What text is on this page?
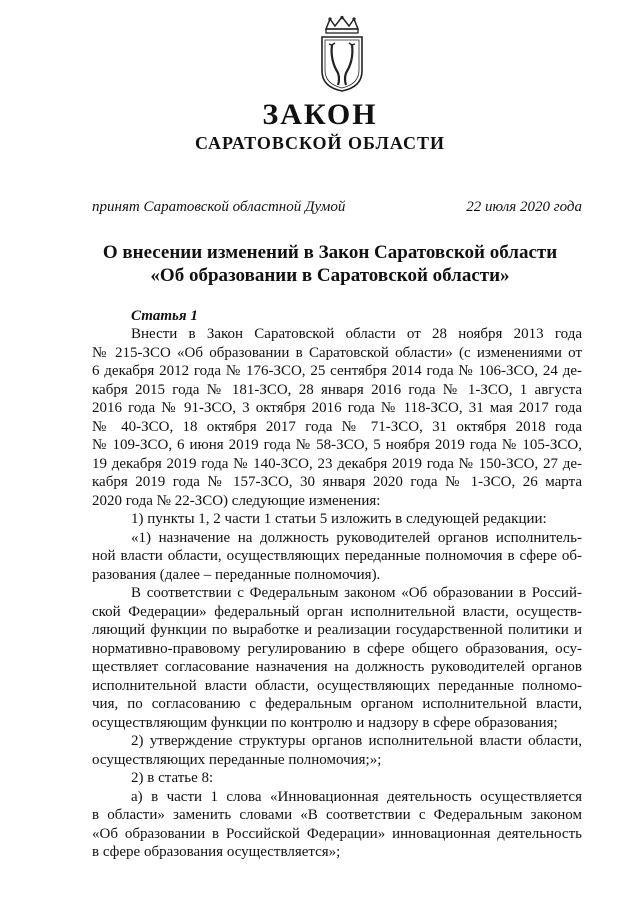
ЗАКОН
САРАТОВСКОЙ ОБЛАСТИ
принят Саратовской областной Думой	22 июля 2020 года
О внесении изменений в Закон Саратовской области
«Об образовании в Саратовской области»
Статья 1
Внести в Закон Саратовской области от 28 ноября 2013 года
№ 215-ЗСО «Об образовании в Саратовской области» (с изменениями от
6 декабря 2012 года № 176-ЗСО, 25 сентября 2014 года № 106-ЗСО, 24 де-
кабря 2015 года № 181-ЗСО, 28 января 2016 года № 1-ЗСО, 1 августа
2016 года № 91-ЗСО, 3 октября 2016 года № 118-ЗСО, 31 мая 2017 года
№ 40-ЗСО, 18 октября 2017 года № 71-ЗСО, 31 октября 2018 года
№ 109-ЗСО, 6 июня 2019 года № 58-ЗСО, 5 ноября 2019 года № 105-ЗСО,
19 декабря 2019 года № 140-ЗСО, 23 декабря 2019 года № 150-ЗСО, 27 де-
кабря 2019 года № 157-ЗСО, 30 января 2020 года № 1-ЗСО, 26 марта
2020 года № 22-ЗСО) следующие изменения:
1) пункты 1, 2 части 1 статьи 5 изложить в следующей редакции:
«1) назначение на должность руководителей органов исполнитель-
ной власти области, осуществляющих переданные полномочия в сфере об-
разования (далее – переданные полномочия).
В соответствии с Федеральным законом «Об образовании в Россий-
ской Федерации» федеральный орган исполнительной власти, осуществ-
ляющий функции по выработке и реализации государственной политики и
нормативно-правовому регулированию в сфере общего образования, осу-
ществляет согласование назначения на должность руководителей органов
исполнительной власти области, осуществляющих переданные полномо-
чия, по согласованию с федеральным органом исполнительной власти,
осуществляющим функции по контролю и надзору в сфере образования;
2) утверждение структуры органов исполнительной власти области,
осуществляющих переданные полномочия;»;
2) в статье 8:
а) в части 1 слова «Инновационная деятельность осуществляется
в области» заменить словами «В соответствии с Федеральным законом
«Об образовании в Российской Федерации» инновационная деятельность
в сфере образования осуществляется»;
